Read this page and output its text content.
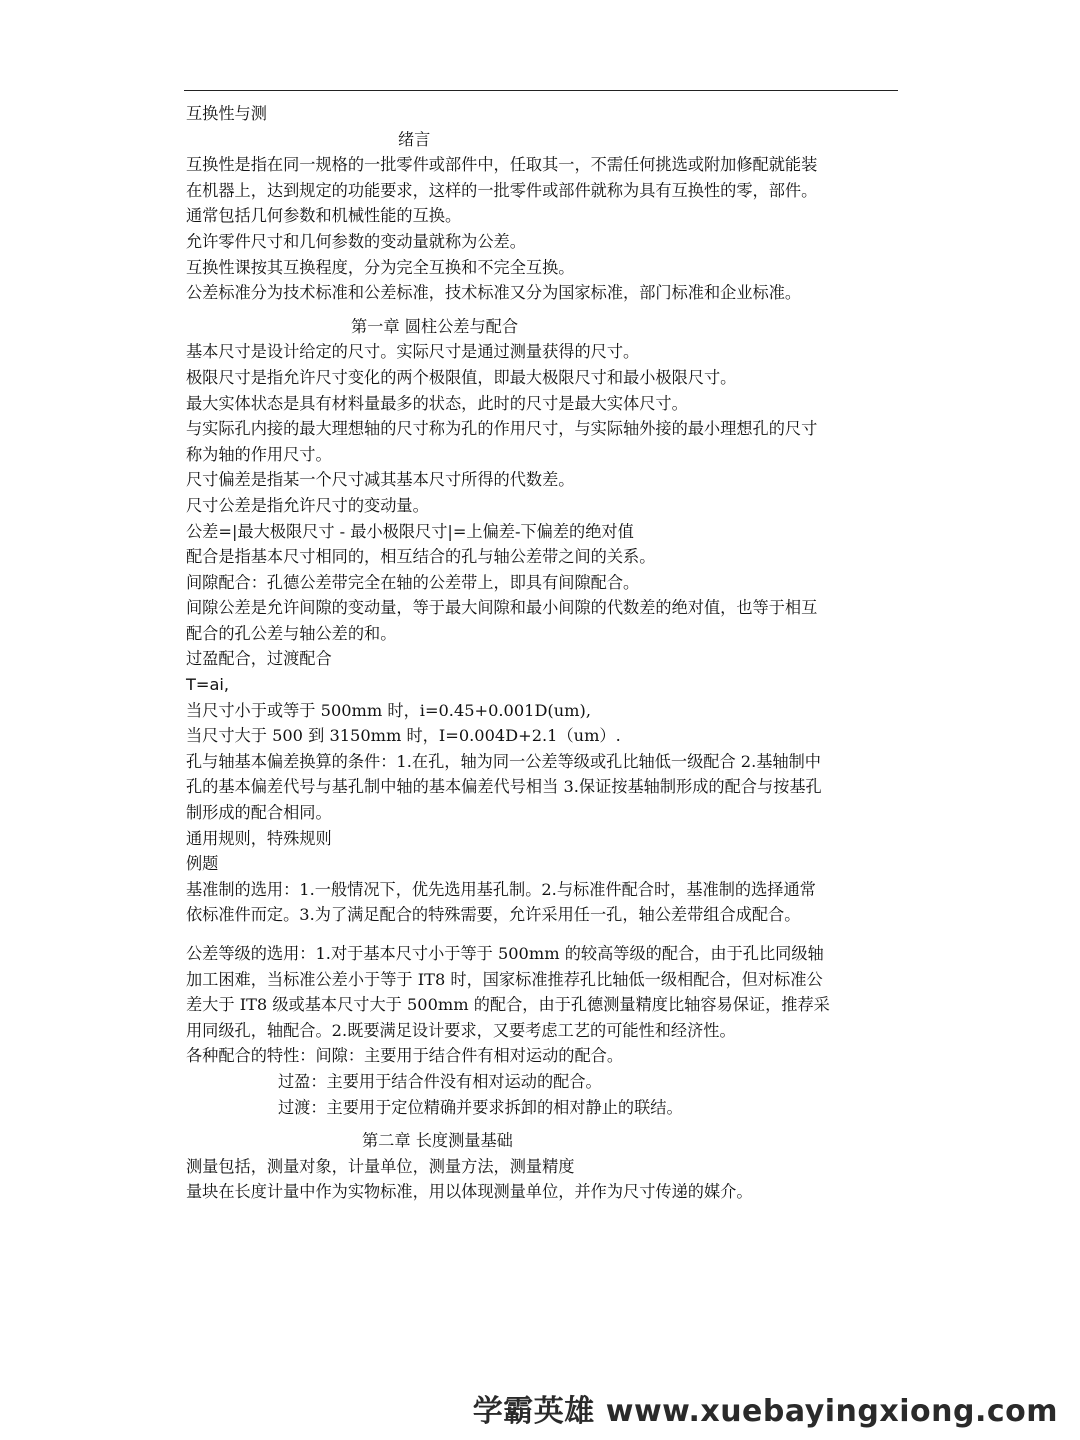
互换性与测
绪言
互换性是指在同一规格的一批零件或部件中，任取其一，不需任何挑选或附加修配就能装
在机器上，达到规定的功能要求，这样的一批零件或部件就称为具有互换性的零，部件。
通常包括几何参数和机械性能的互换。
允许零件尺寸和几何参数的变动量就称为公差。
互换性课按其互换程度，分为完全互换和不完全互换。
公差标准分为技术标准和公差标准，技术标准又分为国家标准，部门标准和企业标准。
第一章 圆柱公差与配合
基本尺寸是设计给定的尺寸。实际尺寸是通过测量获得的尺寸。
极限尺寸是指允许尺寸变化的两个极限值，即最大极限尺寸和最小极限尺寸。
最大实体状态是具有材料量最多的状态，此时的尺寸是最大实体尺寸。
与实际孔内接的最大理想轴的尺寸称为孔的作用尺寸，与实际轴外接的最小理想孔的尺寸
称为轴的作用尺寸。
尺寸偏差是指某一个尺寸减其基本尺寸所得的代数差。
尺寸公差是指允许尺寸的变动量。
公差=|最大极限尺寸 - 最小极限尺寸|=上偏差-下偏差的绝对值
配合是指基本尺寸相同的，相互结合的孔与轴公差带之间的关系。
间隙配合：孔德公差带完全在轴的公差带上，即具有间隙配合。
间隙公差是允许间隙的变动量，等于最大间隙和最小间隙的代数差的绝对值，也等于相互
配合的孔公差与轴公差的和。
过盈配合，过渡配合
T=ai,
当尺寸小于或等于 500mm 时，i=0.45+0.001D(um),
当尺寸大于 500 到 3150mm 时，I=0.004D+2.1（um）.
孔与轴基本偏差换算的条件：1.在孔，轴为同一公差等级或孔比轴低一级配合 2.基轴制中
孔的基本偏差代号与基孔制中轴的基本偏差代号相当 3.保证按基轴制形成的配合与按基孔
制形成的配合相同。
通用规则，特殊规则
例题
基准制的选用：1.一般情况下，优先选用基孔制。2.与标准件配合时，基准制的选择通常
依标准件而定。3.为了满足配合的特殊需要，允许采用任一孔，轴公差带组合成配合。
公差等级的选用：1.对于基本尺寸小于等于 500mm 的较高等级的配合，由于孔比同级轴
加工困难，当标准公差小于等于 IT8 时，国家标准推荐孔比轴低一级相配合，但对标准公
差大于 IT8 级或基本尺寸大于 500mm 的配合，由于孔德测量精度比轴容易保证，推荐采
用同级孔，轴配合。2.既要满足设计要求，又要考虑工艺的可能性和经济性。
各种配合的特性：间隙：主要用于结合件有相对运动的配合。
过盈：主要用于结合件没有相对运动的配合。
过渡：主要用于定位精确并要求拆卸的相对静止的联结。
第二章 长度测量基础
测量包括，测量对象，计量单位，测量方法，测量精度
量块在长度计量中作为实物标准，用以体现测量单位，并作为尺寸传递的媒介。
学霸英雄 www.xuebayingxiong.com
